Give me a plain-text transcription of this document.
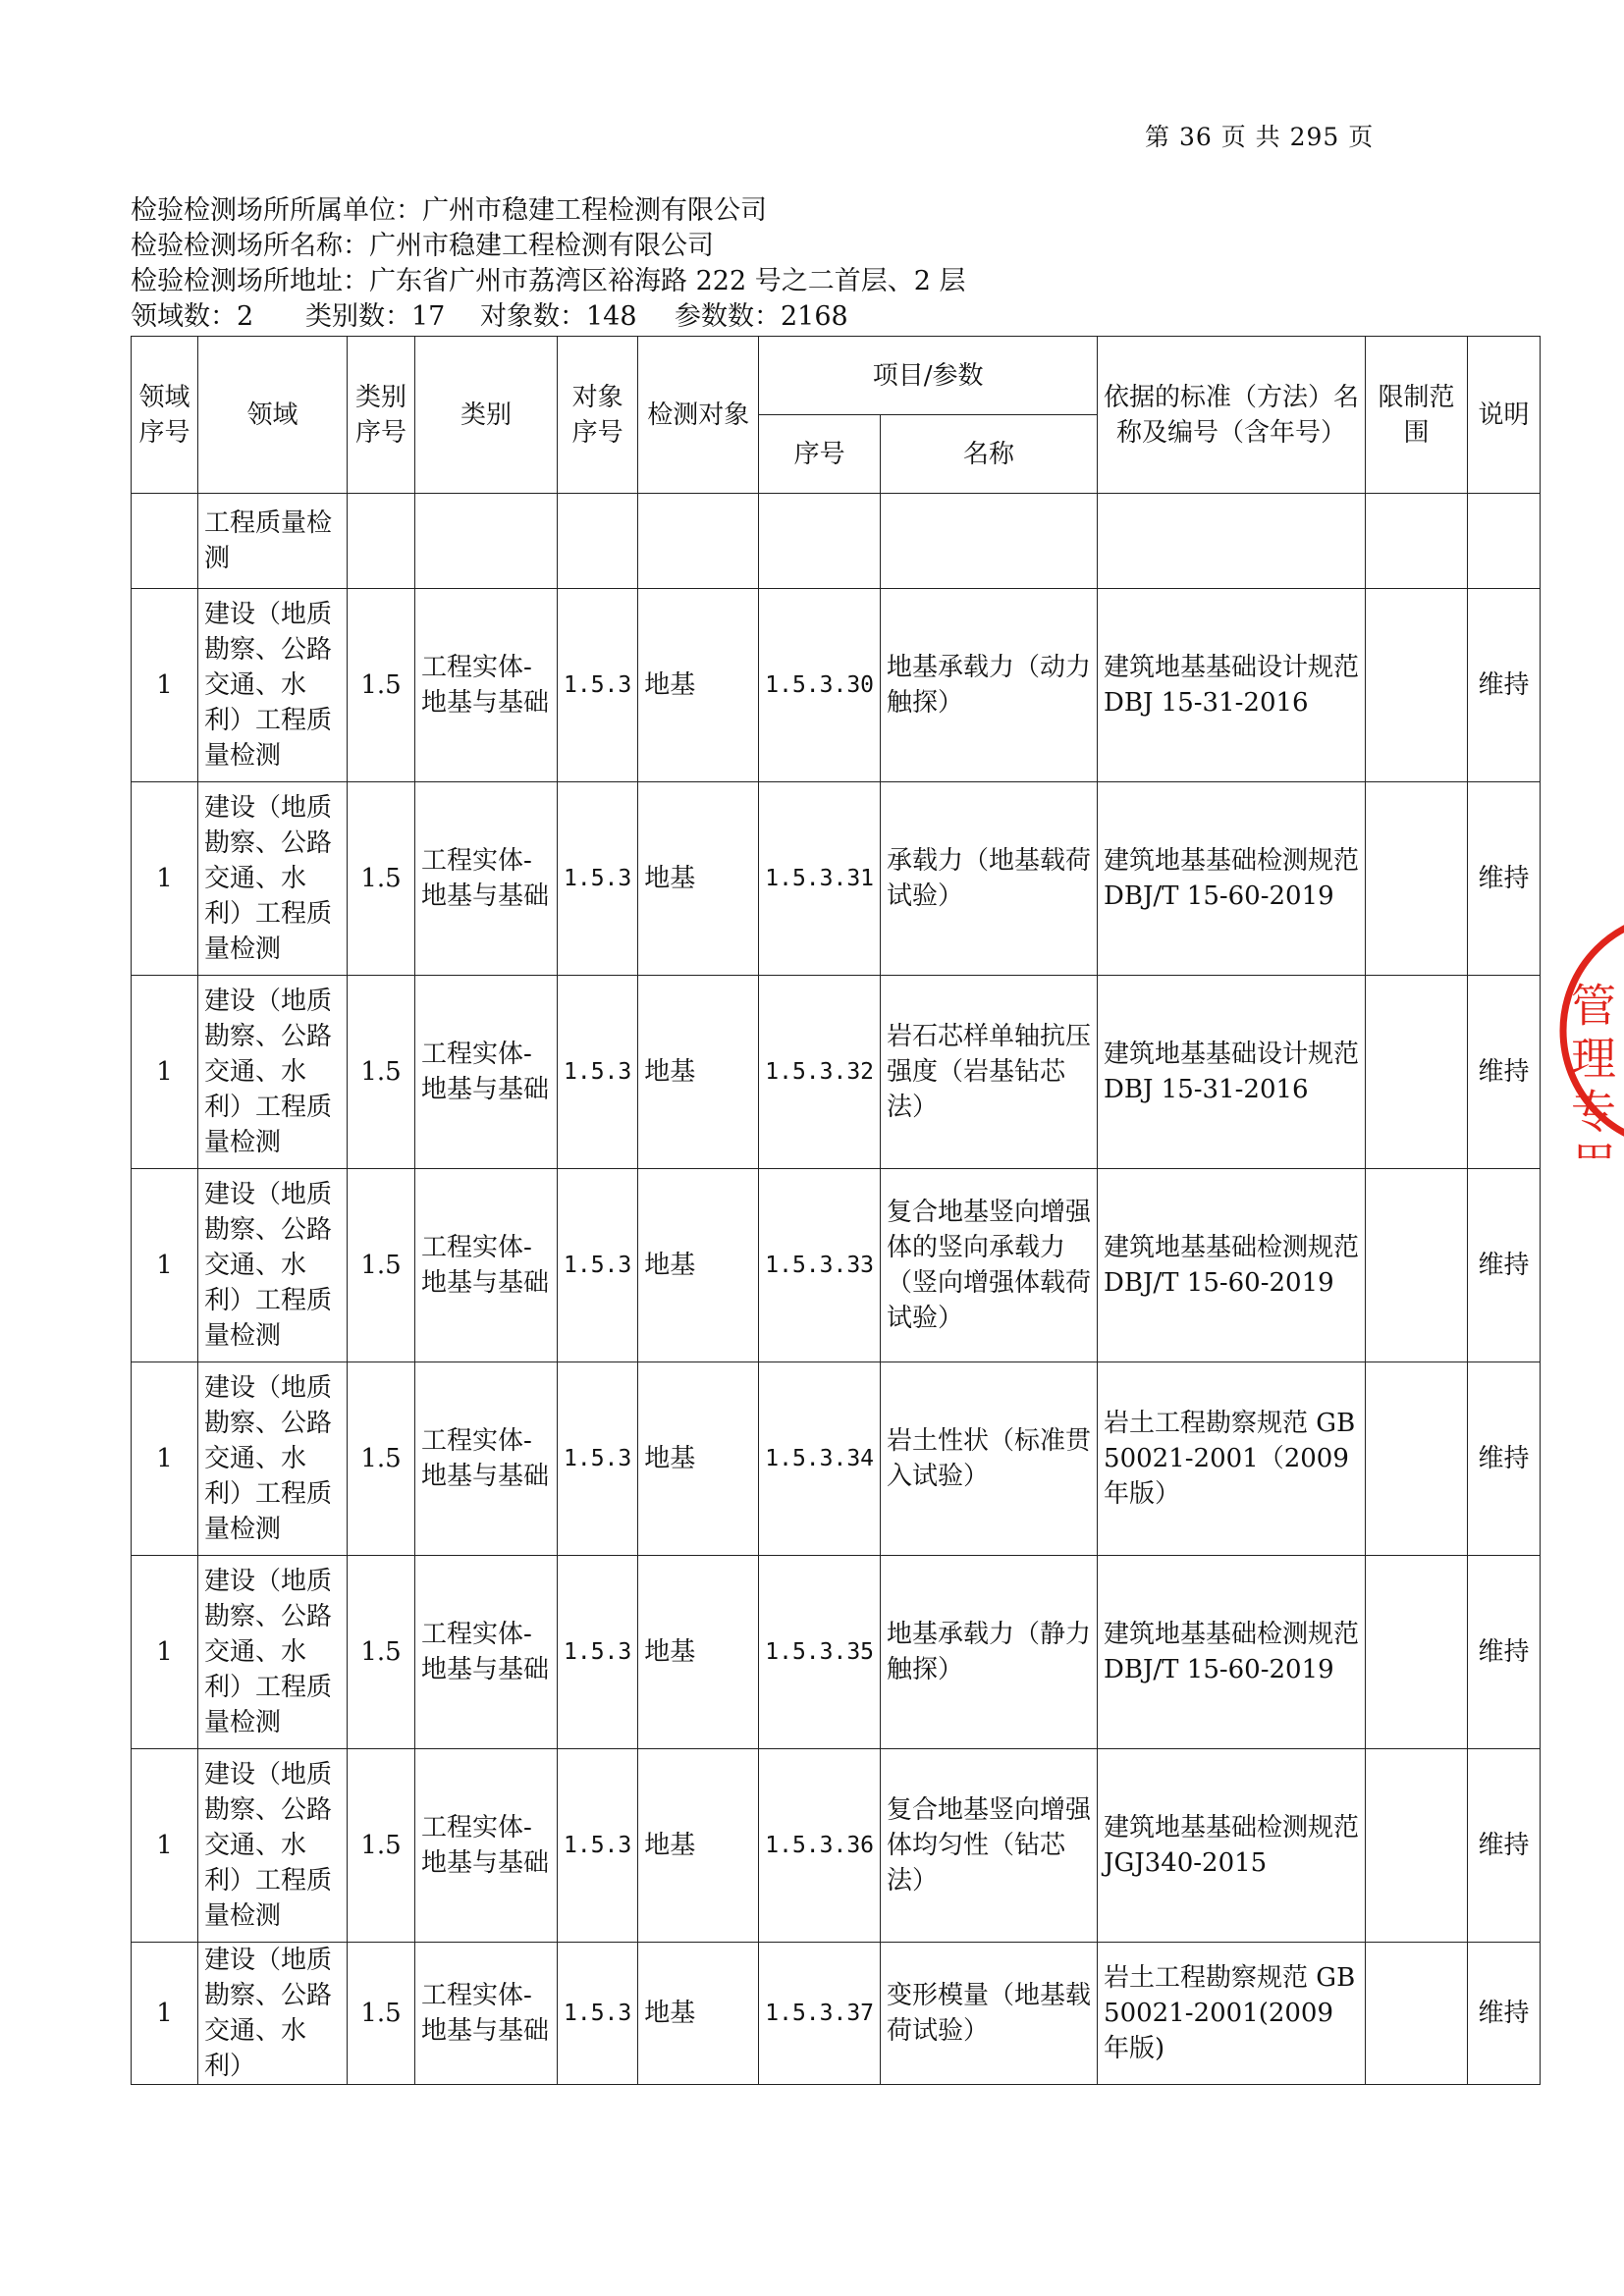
第 36 页 共 295 页
检验检测场所所属单位：广州市稳建工程检测有限公司
检验检测场所名称：广州市稳建工程检测有限公司
检验检测场所地址：广东省广州市荔湾区裕海路 222 号之二首层、2 层
领域数：2 类别数：17 对象数：148 参数数：2168
领域序号	领域	类别序号	类别	对象序号	检测对象	项目/参数		依据的标准（方法）名称及编号（含年号）	限制范围	说明
						序号	名称			
	工程质量检测									
1	建设（地质勘察、公路交通、水利）工程质量检测	1.5	工程实体-地基与基础	1.5.3	地基	1.5.3.30	地基承载力（动力触探）	建筑地基基础设计规范 DBJ 15-31-2016		维持
1	建设（地质勘察、公路交通、水利）工程质量检测	1.5	工程实体-地基与基础	1.5.3	地基	1.5.3.31	承载力（地基载荷试验）	建筑地基基础检测规范 DBJ/T 15-60-2019		维持
1	建设（地质勘察、公路交通、水利）工程质量检测	1.5	工程实体-地基与基础	1.5.3	地基	1.5.3.32	岩石芯样单轴抗压强度（岩基钻芯法）	建筑地基基础设计规范 DBJ 15-31-2016		维持
1	建设（地质勘察、公路交通、水利）工程质量检测	1.5	工程实体-地基与基础	1.5.3	地基	1.5.3.33	复合地基竖向增强体的竖向承载力（竖向增强体载荷试验）	建筑地基基础检测规范 DBJ/T 15-60-2019		维持
1	建设（地质勘察、公路交通、水利）工程质量检测	1.5	工程实体-地基与基础	1.5.3	地基	1.5.3.34	岩土性状（标准贯入试验）	岩土工程勘察规范 GB 50021-2001（2009 年版）		维持
1	建设（地质勘察、公路交通、水利）工程质量检测	1.5	工程实体-地基与基础	1.5.3	地基	1.5.3.35	地基承载力（静力触探）	建筑地基基础检测规范 DBJ/T 15-60-2019		维持
1	建设（地质勘察、公路交通、水利）工程质量检测	1.5	工程实体-地基与基础	1.5.3	地基	1.5.3.36	复合地基竖向增强体均匀性（钻芯法）	建筑地基基础检测规范 JGJ340-2015		维持
1	建设（地质勘察、公路交通、水利）	1.5	工程实体-地基与基础	1.5.3	地基	1.5.3.37	变形模量（地基载荷试验）	岩土工程勘察规范 GB 50021-2001(2009 年版)		维持
管理专用
